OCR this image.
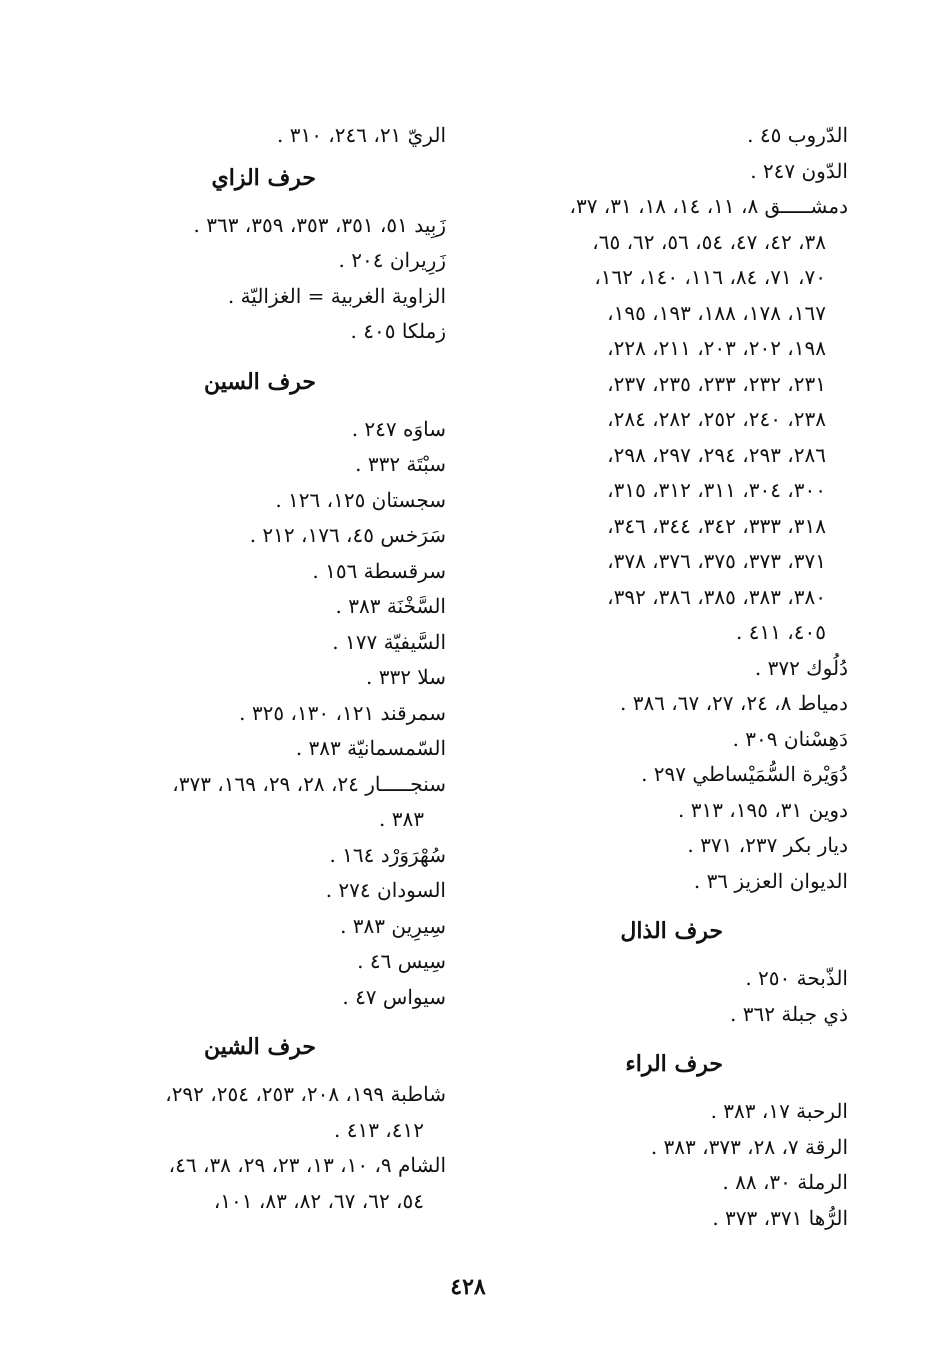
الدّروب ٤٥ .
الدّون ٢٤٧ .
دمشـــــق ٨، ١١، ١٤، ١٨، ٣١، ٣٧،
٣٨، ٤٢، ٤٧، ٥٤، ٥٦، ٦٢، ٦٥،
٧٠، ٧١، ٨٤، ١١٦، ١٤٠، ١٦٢،
١٦٧، ١٧٨، ١٨٨، ١٩٣، ١٩٥،
١٩٨، ٢٠٢، ٢٠٣، ٢١١، ٢٢٨،
٢٣١، ٢٣٢، ٢٣٣، ٢٣٥، ٢٣٧،
٢٣٨، ٢٤٠، ٢٥٢، ٢٨٢، ٢٨٤،
٢٨٦، ٢٩٣، ٢٩٤، ٢٩٧، ٢٩٨،
٣٠٠، ٣٠٤، ٣١١، ٣١٢، ٣١٥،
٣١٨، ٣٣٣، ٣٤٢، ٣٤٤، ٣٤٦،
٣٧١، ٣٧٣، ٣٧٥، ٣٧٦، ٣٧٨،
٣٨٠، ٣٨٣، ٣٨٥، ٣٨٦، ٣٩٢،
٤٠٥، ٤١١ .
دُلُوك ٣٧٢ .
دمياط ٨، ٢٤، ٢٧، ٦٧، ٣٨٦ .
دَهِسْنان ٣٠٩ .
دُوَيْرة السُّمَيْساطي ٢٩٧ .
دوين ٣١، ١٩٥، ٣١٣ .
ديار بكر ٢٣٧، ٣٧١ .
الديوان العزيز ٣٦ .
حرف الذال
الذّبحة ٢٥٠ .
ذي جبلة ٣٦٢ .
حرف الراء
الرحبة ١٧، ٣٨٣ .
الرقة ٧، ٢٨، ٣٧٣، ٣٨٣ .
الرملة ٣٠، ٨٨ .
الرُّها ٣٧١، ٣٧٣ .
الريّ ٢١، ٢٤٦، ٣١٠ .
حرف الزاي
زَبِيد ٥١، ٣٥١، ٣٥٣، ٣٥٩، ٣٦٣ .
زَرِيران ٢٠٤ .
الزاوية الغربية = الغزاليّة .
زملكا ٤٠٥ .
حرف السين
ساوَه ٢٤٧ .
سبْتَة ٣٣٢ .
سجستان ١٢٥، ١٢٦ .
سَرَخس ٤٥، ١٧٦، ٢١٢ .
سرقسطة ١٥٦ .
السَّخْنَة ٣٨٣ .
السَّيفيّة ١٧٧ .
سلا ٣٣٢ .
سمرقند ١٢١، ١٣٠، ٣٢٥ .
السّمسمانيّة ٣٨٣ .
سنجـــــار ٢٤، ٢٨، ٢٩، ١٦٩، ٣٧٣،
٣٨٣ .
سُهْرَوَرْد ١٦٤ .
السودان ٢٧٤ .
سِيرِين ٣٨٣ .
سِيس ٤٦ .
سيواس ٤٧ .
حرف الشين
شاطبة ١٩٩، ٢٠٨، ٢٥٣، ٢٥٤، ٢٩٢،
٤١٢، ٤١٣ .
الشام ٩، ١٠، ١٣، ٢٣، ٢٩، ٣٨، ٤٦،
٥٤، ٦٢، ٦٧، ٨٢، ٨٣، ١٠١،
٤٢٨
